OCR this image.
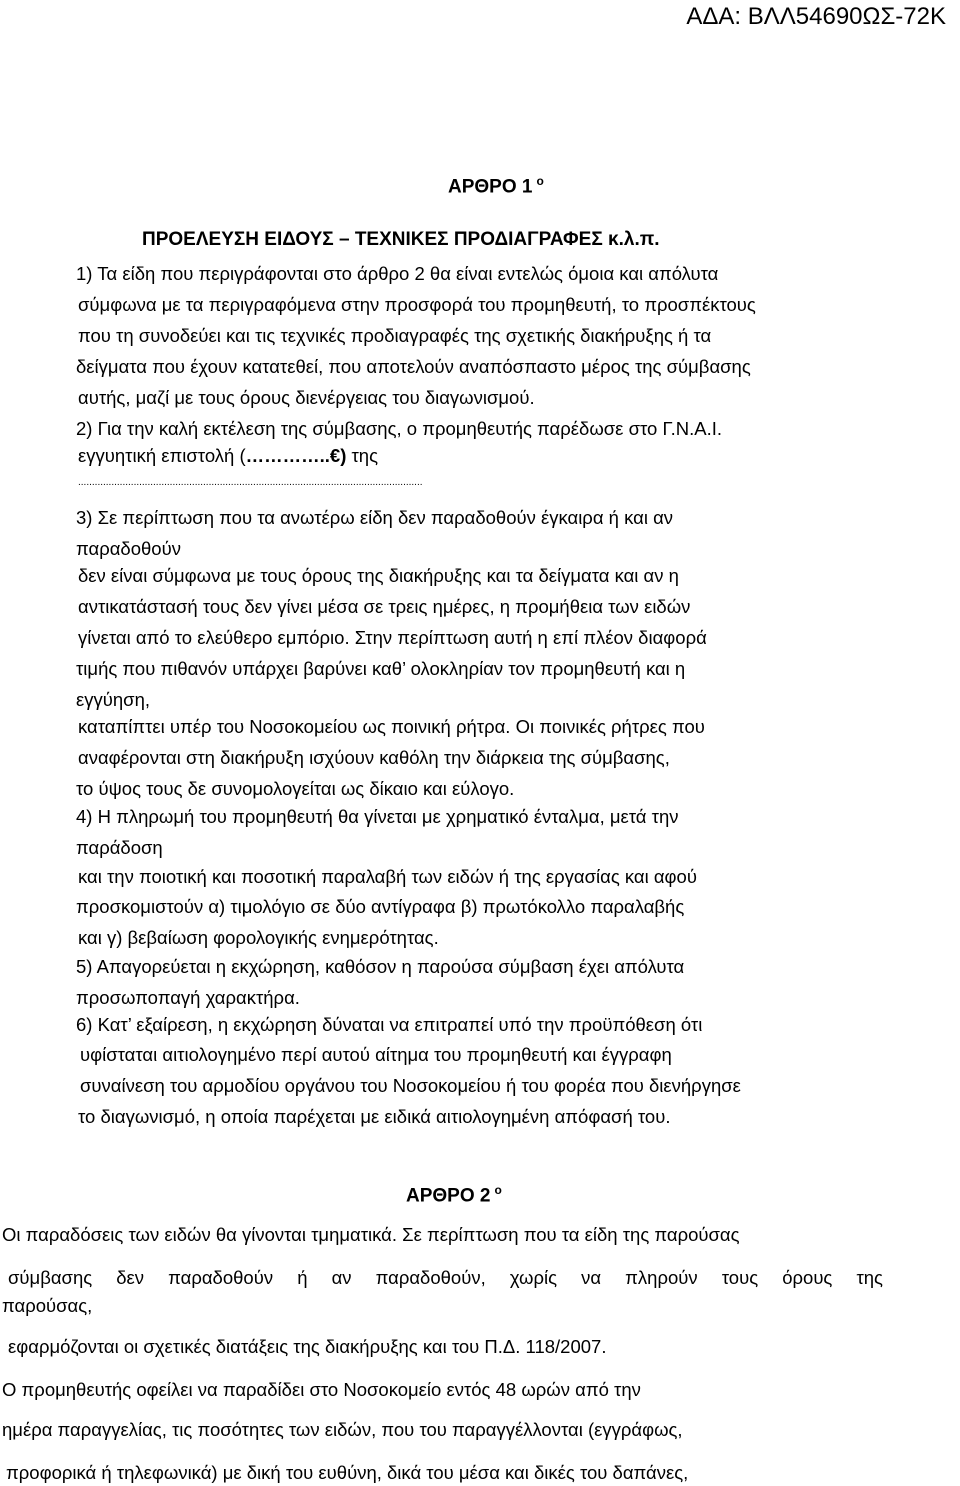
ΑΔΑ: ΒΛΛ54690ΩΣ-72Κ
ΑΡΘΡΟ 1 $^o$
ΠΡΟΕΛΕΥΣΗ ΕΙΔΟΥΣ – ΤΕΧΝΙΚΕΣ ΠΡΟΔΙΑΓΡΑΦΕΣ κ.λ.π.
1) Τα είδη που περιγράφονται στο άρθρο 2 θα είναι εντελώς όμοια και απόλυτα
σύμφωνα με τα περιγραφόμενα στην προσφορά του προμηθευτή, το προσπέκτους
που τη συνοδεύει και τις τεχνικές προδιαγραφές της σχετικής διακήρυξης ή τα
δείγματα που έχουν κατατεθεί, που αποτελούν αναπόσπαστο μέρος της σύμβασης
αυτής, μαζί με τους όρους διενέργειας του διαγωνισμού.
2) Για την καλή εκτέλεση της σύμβασης, ο προμηθευτής παρέδωσε στο Γ.Ν.Α.Ι.
εγγυητική επιστολή (…………..€) της
............................................................................................................................
3) Σε περίπτωση που τα ανωτέρω είδη δεν παραδοθούν έγκαιρα ή και αν
παραδοθούν
δεν είναι σύμφωνα με τους όρους της διακήρυξης και τα δείγματα και αν η
αντικατάστασή τους δεν γίνει μέσα σε τρεις ημέρες, η προμήθεια των ειδών
γίνεται από το ελεύθερο εμπόριο. Στην περίπτωση αυτή η επί πλέον διαφορά
τιμής που πιθανόν υπάρχει βαρύνει καθ’ ολοκληρίαν τον προμηθευτή και η
εγγύηση,
καταπίπτει υπέρ του Νοσοκομείου ως ποινική ρήτρα. Οι ποινικές ρήτρες που
αναφέρονται στη διακήρυξη ισχύουν καθόλη την διάρκεια της σύμβασης,
το ύψος τους δε συνομολογείται ως δίκαιο και εύλογο.
4) Η πληρωμή του προμηθευτή θα γίνεται με χρηματικό ένταλμα, μετά την
παράδοση
και την ποιοτική και ποσοτική παραλαβή των ειδών ή της εργασίας και αφού
προσκομιστούν α) τιμολόγιο σε δύο αντίγραφα β) πρωτόκολλο παραλαβής
και γ) βεβαίωση φορολογικής ενημερότητας.
5) Απαγορεύεται η εκχώρηση, καθόσον η παρούσα σύμβαση έχει απόλυτα
προσωποπαγή χαρακτήρα.
6) Κατ’ εξαίρεση, η εκχώρηση δύναται να επιτραπεί υπό την προϋπόθεση ότι
υφίσταται αιτιολογημένο περί αυτού αίτημα του προμηθευτή και έγγραφη
συναίνεση του αρμοδίου οργάνου του Νοσοκομείου ή του φορέα που διενήργησε
το διαγωνισμό, η οποία παρέχεται με ειδικά αιτιολογημένη απόφασή του.
ΑΡΘΡΟ 2 $^o$
Οι παραδόσεις των ειδών θα γίνονται τμηματικά. Σε περίπτωση που τα είδη της παρούσας
σύμβασης δεν παραδοθούν ή αν παραδοθούν, χωρίς να πληρούν τους όρους της
παρούσας,
εφαρμόζονται οι σχετικές διατάξεις της διακήρυξης και του Π.Δ. 118/2007.
Ο προμηθευτής οφείλει να παραδίδει στο Νοσοκομείο εντός 48 ωρών από την
ημέρα παραγγελίας, τις ποσότητες των ειδών, που του παραγγέλλονται (εγγράφως,
προφορικά ή τηλεφωνικά) με δική του ευθύνη, δικά του μέσα και δικές του δαπάνες,
